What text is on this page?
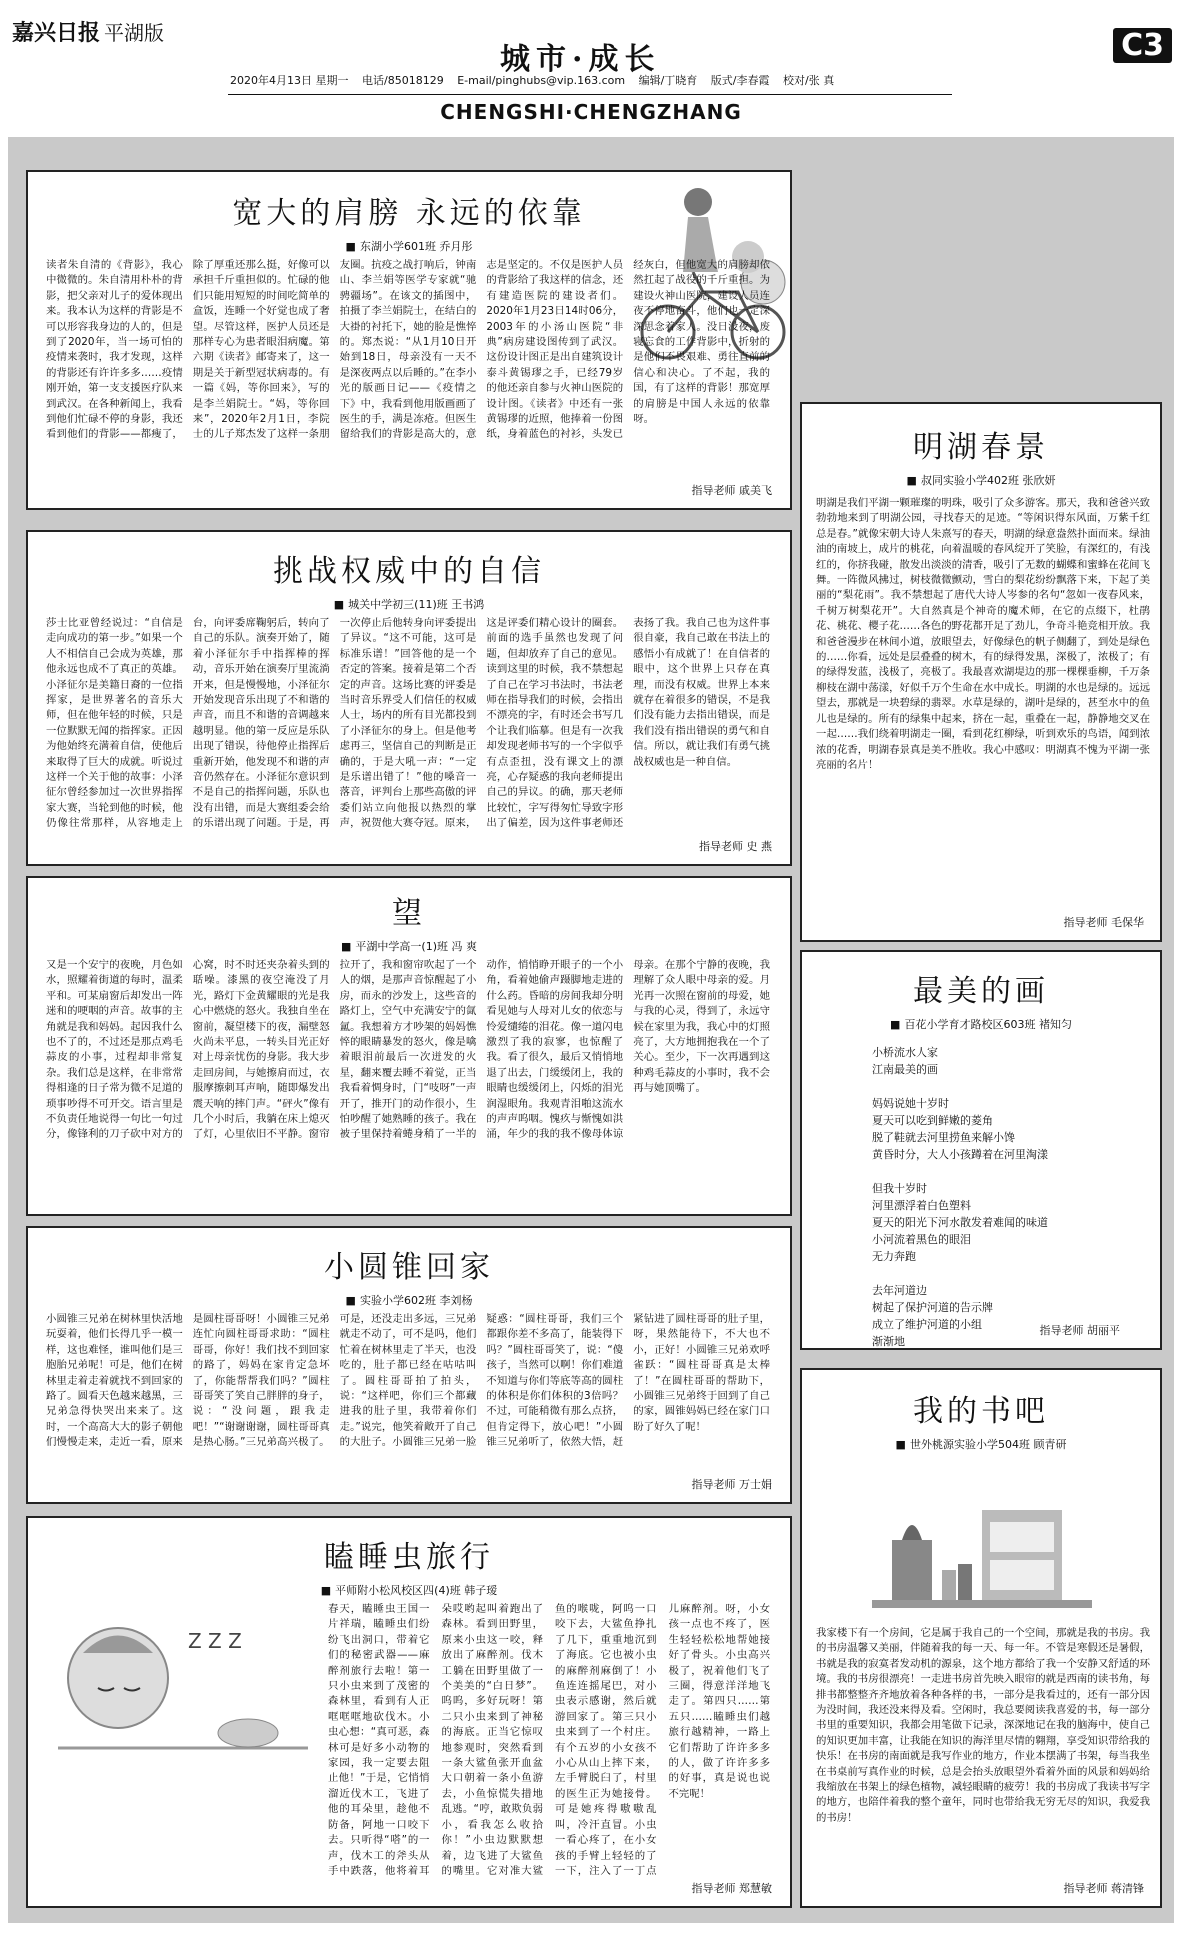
嘉兴日报 平湖版
城市·成长	C3
2020年4月13日 星期一 电话/85018129 E-mail/pinghubs@vip.163.com 编辑/丁晓育 版式/李春霞 校对/张 真
CHENGSHI·CHENGZHANG
宽大的肩膀 永远的依靠
■ 东湖小学601班 乔月彤
读者朱自清的《背影》，我心中微微的。朱自清用朴朴的背影，把父亲对儿子的爱体现出来。我本认为这样的背影是不可以形容我身边的人的，但是到了2020年，当一场可怕的疫情来袭时，我才发现，这样的背影还有许许多多……疫情刚开始，第一支支援医疗队来到武汉。在各种新闻上，我看到他们忙碌不停的身影，我还看到他们的背影——都瘦了，除了厚重还那么挺，好像可以承担千斤重担似的。忙碌的他们只能用短短的时间吃简单的盒饭，连睡一个好觉也成了奢望。尽管这样，医护人员还是那样专心为患者眼泪病魔。第六期《读者》邮寄来了，这一期是关于新型冠状病毒的。有一篇《妈，等你回来》，写的是李兰娟院士。“妈，等你回来”，2020年2月1日，李院士的儿子郑杰发了这样一条朋友圈。抗疫之战打响后，钟南山、李兰娟等医学专家就“驰骋疆场”。在该文的插图中，拍摄了李兰娟院士，在结白的大褂的衬托下，她的脸是憔悴的。郑杰说：“从1月10日开始到18日，母亲没有一天不是深夜两点以后睡的。”在李小光的版画日记——《疫情之下》中，我看到他用版画画了医生的手，满是冻疮。但医生留给我们的背影是高大的，意志是坚定的。不仅是医护人员的背影给了我这样的信念，还有建造医院的建设者们。2020年1月23日14时06分，2003年的小汤山医院“非典”病房建设图传到了武汉。这份设计图正是出自建筑设计泰斗黄锡璆之手，已经79岁的他还亲自参与火神山医院的设计图。《读者》中还有一张黄锡璆的近照，他捧着一份图纸，身着蓝色的衬衫，头发已经灰白，但他宽大的肩膀却依然扛起了战役的千斤重担。为建设火神山医院，建设人员连夜不停地奋斗，他们也一定深深思念着家人。没日没夜，废寝忘食的工作背影中，折射的是他们不畏艰难、勇往直前的信心和决心。了不起，我的国，有了这样的背影！那宽厚的肩膀是中国人永远的依靠呀。
指导老师 戚美飞
明湖春景
■ 叔同实验小学402班 张欣妍
明湖是我们平湖一颗璀璨的明珠，吸引了众多游客。那天，我和爸爸兴致勃勃地来到了明湖公园，寻找春天的足迹。“等闲识得东风面，万紫千红总是春。”就像宋朝大诗人朱熹写的春天，明湖的绿意盎然扑面而来。绿油油的南坡上，成片的桃花，向着温暖的春风绽开了笑脸，有深红的，有浅红的，你挤我碰，散发出淡淡的清香，吸引了无数的蝴蝶和蜜蜂在花间飞舞。一阵微风拂过，树枝微微颤动，雪白的梨花纷纷飘落下来，下起了美丽的“梨花雨”。我不禁想起了唐代大诗人岑参的名句“忽如一夜春风来，千树万树梨花开”。大自然真是个神奇的魔术师，在它的点缀下，杜鹃花、桃花、樱子花……各色的野花都开足了劲儿，争奇斗艳竞相开放。我和爸爸漫步在林间小道，放眼望去，好像绿色的帆子侧翻了，到处是绿色的……你看，远处是层叠叠的树木，有的绿得发黑，深极了，浓极了；有的绿得发蓝，浅极了，亮极了。我最喜欢湖堤边的那一棵棵垂柳，千万条柳枝在湖中荡漾，好似千万个生命在水中成长。明湖的水也是绿的。远远望去，那就是一块碧绿的翡翠。水草是绿的，湖叶是绿的，甚至水中的鱼儿也是绿的。所有的绿集中起来，挤在一起，重叠在一起，静静地交叉在一起……我们绕着明湖走一圈，看到花红柳绿，听到欢乐的鸟语，闻到浓浓的花香，明湖春景真是美不胜收。我心中感叹：明湖真不愧为平湖一张亮丽的名片！
指导老师 毛保华
挑战权威中的自信
■ 城关中学初三(11)班 王书鸿
莎士比亚曾经说过：“自信是走向成功的第一步。”如果一个人不相信自己会成为英雄，那他永远也成不了真正的英雄。小泽征尔是美籍日裔的一位指挥家，是世界著名的音乐大师，但在他年轻的时候，只是一位默默无闻的指挥家。正因为他始终充满着自信，使他后来取得了巨大的成就。听说过这样一个关于他的故事：小泽征尔曾经参加过一次世界指挥家大赛，当轮到他的时候，他仍像往常那样，从容地走上台，向评委席鞠躬后，转向了自己的乐队。演奏开始了，随着小泽征尔手中指挥棒的挥动，音乐开始在演奏厅里流淌开来，但是慢慢地，小泽征尔开始发现音乐出现了不和谐的声音，而且不和谐的音调越来越明显。他的第一反应是乐队出现了错误，待他停止指挥后重新开始，他发现不和谐的声音仍然存在。小泽征尔意识到不是自己的指挥问题，乐队也没有出错，而是大赛组委会给的乐谱出现了问题。于是，再一次停止后他转身向评委提出了异议。“这不可能，这可是标准乐谱！”回答他的是一个否定的答案。接着是第二个否定的声音。这场比赛的评委是当时音乐界受人们信任的权威人士，场内的所有目光都投到了小泽征尔的身上。但是他考虑再三，坚信自己的判断是正确的，于是大吼一声：“一定是乐谱出错了！”他的嗓音一落音，评判台上那些高傲的评委们站立向他报以热烈的掌声，祝贺他大赛夺冠。原来，这是评委们精心设计的圈套。前面的选手虽然也发现了问题，但却放弃了自己的意见。读到这里的时候，我不禁想起了自己在学习书法时，书法老师在指导我们的时候，会指出不漂亮的字，有时还会书写几个让我们临摹。但是有一次我却发现老师书写的一个字似乎有点歪扭，没有课文上的漂亮，心存疑惑的我向老师提出自己的异议。的确，那天老师比较忙，字写得匆忙导致字形出了偏差，因为这件事老师还表扬了我。我自己也为这件事很自豪，我自己敢在书法上的感悟小有成就了！在自信者的眼中，这个世界上只存在真理，而没有权威。世界上本来就存在着很多的错误，不是我们没有能力去指出错误，而是我们没有指出错误的勇气和自信。所以，就让我们有勇气挑战权威也是一种自信。
指导老师 史 燕
望
■ 平湖中学高一(1)班 冯 爽
又是一个安宁的夜晚，月色如水，照耀着街道的每时，温柔平和。可某扇窗后却发出一阵迷和的哽咽的声音。故事的主角就是我和妈妈。起因我什么也不了的，不过还是那点鸡毛蒜皮的小事，过程却非常复杂。我们总是这样，在非常常得相逢的日子常为微不足道的琐事吵得不可开交。语言里是不负责任地说得一句比一句过分，像锋利的刀子砍中对方的心窝，时不时还夹杂着头到的聒噪。漆黑的夜空淹没了月光，路灯下金黄耀眼的光是我心中燃烧的怒火。我独自坐在窗前，凝望楼下的夜，漏壁怒火尚未平息，一转头目光正好对上母亲忧伤的身影。我大步走回房间，与她擦肩而过，衣服摩擦刺耳声响，随即爆发出震天响的摔门声。“砰火”像有几个小时后，我躺在床上熄灭了灯，心里依旧不平静。窗帘拉开了，我和窗帘吹起了一个人的烟，是那声音惊醒起了小房，而永的沙发上，这些音的路灯上，空气中充满安宁的氤氲。我想着方才吵架的妈妈憔悴的眼睛暴发的怒火，像是噙着眼泪前最后一次迸发的火星，翻来覆去睡不着觉，正当我看着惆身时，门“吱呀”一声开了，推开门的动作很小，生怕吵醒了她熟睡的孩子。我在被子里保持着蜷身稍了一半的动作，悄悄睁开眼子的一个小角，看着她偷声蹑脚地走进的什么药。昏暗的房间我却分明看见她与人母对儿女的依恋与怜爱缱绻的泪花。像一道闪电激烈了我的寂寥，也惊醒了我。看了很久，最后又悄悄地退了出去，门缓缓闭上，我的眼睛也缓缓闭上，闪烁的泪光润湿眼角。我观青泪啪这流水的声声呜咽。愧疚与惭愧如洪涌，年少的我的我不像母体谅母亲。在那个宁静的夜晚，我理解了众人眼中母亲的爱。月光再一次照在窗前的母爱，她与我的心灵，得到了，永远守候在家里为我，我心中的灯照亮了，大方地拥抱我在一个了关心。至少，下一次再遇到这种鸡毛蒜皮的小事时，我不会再与她顶嘴了。
最美的画
■ 百花小学育才路校区603班 褚知匀
小桥流水人家
江南最美的画
妈妈说她十岁时
夏天可以吃到鲜嫩的菱角
脱了鞋就去河里捞鱼来解小馋
黄昏时分，大人小孩蹲着在河里淘漾
但我十岁时
河里漂浮着白色塑料
夏天的阳光下河水散发着难闻的味道
小河流着黑色的眼泪
无力奔跑
去年河道边
树起了保护河道的告示牌
成立了维护河道的小组
渐渐地
指导老师 胡丽平
小圆锥回家
■ 实验小学602班 李刘杨
小圆锥三兄弟在树林里快活地玩耍着，他们长得几乎一模一样，这也难怪，谁叫他们是三胞胎兄弟呢！可是，他们在树林里走着走着就找不到回家的路了。圆看天色越来越黑，三兄弟急得快哭出来来了。这时，一个高高大大的影子朝他们慢慢走来，走近一看，原来是圆柱哥哥呀！小圆锥三兄弟连忙向圆柱哥哥求助：“圆柱哥哥，你好！我们找不到回家的路了，妈妈在家肯定急坏了，你能帮帮我们吗？”圆柱哥哥笑了笑自己胖胖的身子，说：“没问题，跟我走吧！”“谢谢谢谢，圆柱哥哥真是热心肠。”三兄弟高兴极了。可是，还没走出多远，三兄弟就走不动了，可不是吗，他们忙着在树林里走了半天，也没吃的，肚子都已经在咕咕叫了。圆柱哥哥拍了拍头，说：“这样吧，你们三个都藏进我的肚子里，我带着你们走。”说完，他笑着敞开了自己的大肚子。小圆锥三兄弟一脸疑惑：“圆柱哥哥，我们三个都跟你差不多高了，能装得下吗？”圆柱哥哥笑了，说：“傻孩子，当然可以啊！你们难道不知道与你们等底等高的圆柱的体积是你们体积的3倍吗？不过，可能稍微有那么点挤，但肯定得下，放心吧！”小圆锥三兄弟听了，依然大悟，赶紧钻进了圆柱哥哥的肚子里，呀，果然能待下，不大也不小，正好！小圆锥三兄弟欢呼雀跃：“圆柱哥哥真是太棒了！”在圆柱哥哥的帮助下，小圆锥三兄弟终于回到了自己的家，圆锥妈妈已经在家门口盼了好久了呢！
指导老师 万士娟
我的书吧
■ 世外桃源实验小学504班 顾青研
我家楼下有一个房间，它是属于我自己的一个空间，那就是我的书房。我的书房温馨又美丽，伴随着我的每一天、每一年。不管是寒假还是暑假，书就是我的寂寞者发动机的源泉，这个地方都给了我一个安静又舒适的环境。我的书房很漂亮！一走进书房首先映入眼帘的就是西南的读书角，每排书都整整齐齐地放着各种各样的书，一部分是我看过的，还有一部分因为没时间，我还没来得及看。空闲时，我总要阅读我喜爱的书，每一部分书里的重要知识，我都会用笔做下记录，深深地记在我的脑海中，使自己的知识更加丰富，让我能在知识的海洋里尽情的翱翔，享受知识带给我的快乐！在书房的南面就是我写作业的地方，作业本摆满了书架，每当我坐在书桌前写真作业的时候，总是会抬头放眼望外看着外面的风景和妈妈给我缩放在书架上的绿色植物，减轻眼睛的疲劳！我的书房成了我读书写字的地方，也陪伴着我的整个童年，同时也带给我无穷无尽的知识，我爱我的书房！
指导老师 蒋清锋
瞌睡虫旅行
■ 平师附小松风校区四(4)班 韩子瑷
Z Z Z
春天，瞌睡虫王国一片祥瑞，瞌睡虫们纷纷飞出洞口，带着它们的秘密武器——麻醉剂旅行去啦！第一只小虫来到了茂密的森林里，看到有人正哐哐哐地砍伐木。小虫心想：“真可恶，森林可是好多小动物的家园，我一定要去阻止他！”于是，它悄悄溜近伐木工，飞进了他的耳朵里，趁他不防备，阿地一口咬下去。只听得“嗒”的一声，伐木工的斧头从手中跌落，他将着耳朵哎哟起叫着跑出了森林。看到田野里，原来小虫这一咬，释放出了麻醉剂。伐木工躺在田野里做了一个美美的“白日梦”。呜呜，多好玩呀！第二只小虫来到了神秘的海底。正当它惊叹地参观时，突然看到一条大鲨鱼张开血盆大口朝着一条小鱼游去，小鱼惊慌失措地乱逃。“哼，敢欺负弱小，看我怎么收拾你！”小虫边默默想着，边飞进了大鲨鱼的嘴里。它对准大鲨鱼的喉咙，阿呜一口咬下去，大鲨鱼挣扎了几下，重重地沉到了海底。它也被小虫的麻醉剂麻倒了！小鱼连连摇尾巴，对小虫表示感谢，然后就游回家了。第三只小虫来到了一个村庄。有个五岁的小女孩不小心从山上摔下来，左手臂脱臼了，村里的医生正为她接骨。可是她疼得嗷嗷乱叫，冷汗直冒。小虫一看心疼了，在小女孩的手臂上轻轻的了一下，注入了一丁点儿麻醉剂。呀，小女孩一点也不疼了，医生轻轻松松地帮她接好了骨头。小虫高兴极了，祝着他们飞了三圈，得意洋洋地飞走了。第四只……第五只……瞌睡虫们越旅行越精神，一路上它们帮助了许许多多的人，做了许许多多的好事，真是说也说不完呢！
指导老师 郑慧敏
